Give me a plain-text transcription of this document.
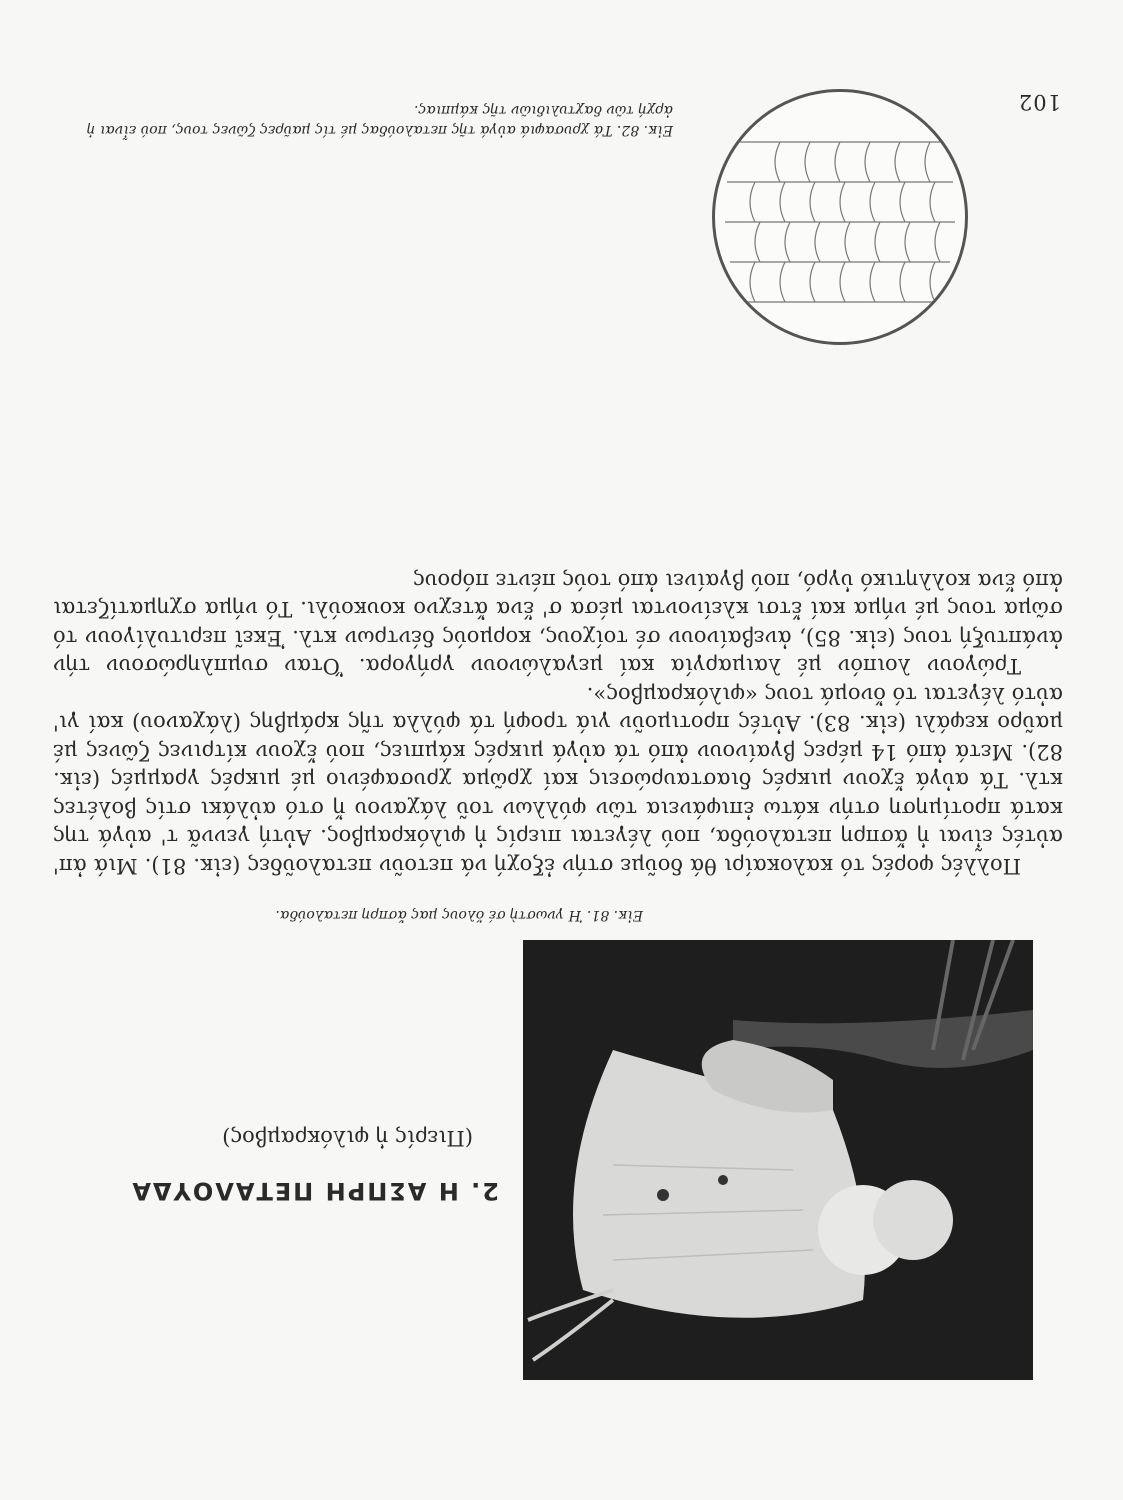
2. Η ΑΣΠΡΗ ΠΕΤΑΛΟΥΔΑ
(Πιερίς ἡ φιλόκραμβος)
Εἰκ. 81. Ἡ γνωστὴ σέ ὅλους μας ἄσπρη πεταλούδα.

Πολλές φορές τό καλοκαίρι θά δοῦμε στήν ἐξοχή νά πετοῦν πεταλοῦδες (εἰκ. 81). Μιά ἀπ' αὐτές εἶναι ἡ ἄσπρη πεταλούδα, πού λέγεται πιερίς ἡ φιλόκραμβος. Αὐτή γεννᾶ τ' αὐγά της κατά προτίμηση στήν κάτω ἐπιφάνεια τῶν φύλλων τοῦ λάχανου ἤ στό αὐλάκι στίς βολέτες κτλ. Τά αὐγά ἔχουν μικρές διασταυρώσεις καί χρῶμα χρυσαφένιο μέ μικρές γραμμές (εἰκ. 82). Μετά ἀπό 14 μέρες βγαίνουν ἀπό τά αὐγά μικρές κάμπιες, πού ἔχουν κίτρινες ζῶνες μέ μαῦρο κεφάλι (εἰκ. 83). Αὐτές προτιμοῦν γιά τροφή τά φύλλα τῆς κράμβης (λάχανου) καί γι' αὐτό λέγεται τό ὄνομά τους «φιλόκραμβος».

Τρώγουν λοιπόν μέ λαιμαργία καί μεγαλώνουν γρήγορα. Ὅταν συμπληρώσουν τήν ἀνάπτυξή τους (εἰκ. 85), ἀνεβαίνουν σέ τοίχους, κορμούς δέντρων κτλ. Ἐκεῖ περιτυλίγουν τό σῶμα τους μέ νήμα καί ἔτσι κλείνονται μέσα σ' ἕνα ἄτεχνο κουκούλι. Τό νήμα σχηματίζεται ἀπό ἕνα κολλητικό ὑγρό, πού βγαίνει ἀπό τούς πέντε πόρους

Εἰκ. 82. Τά χρυσαφιά αὐγά τῆς πεταλούδας μέ τίς μαῦρες ζῶνες τους, πού εἶναι ἡ ἀρχή τῶν δαχτυλιδιῶν τῆς κάμπιας.	102
